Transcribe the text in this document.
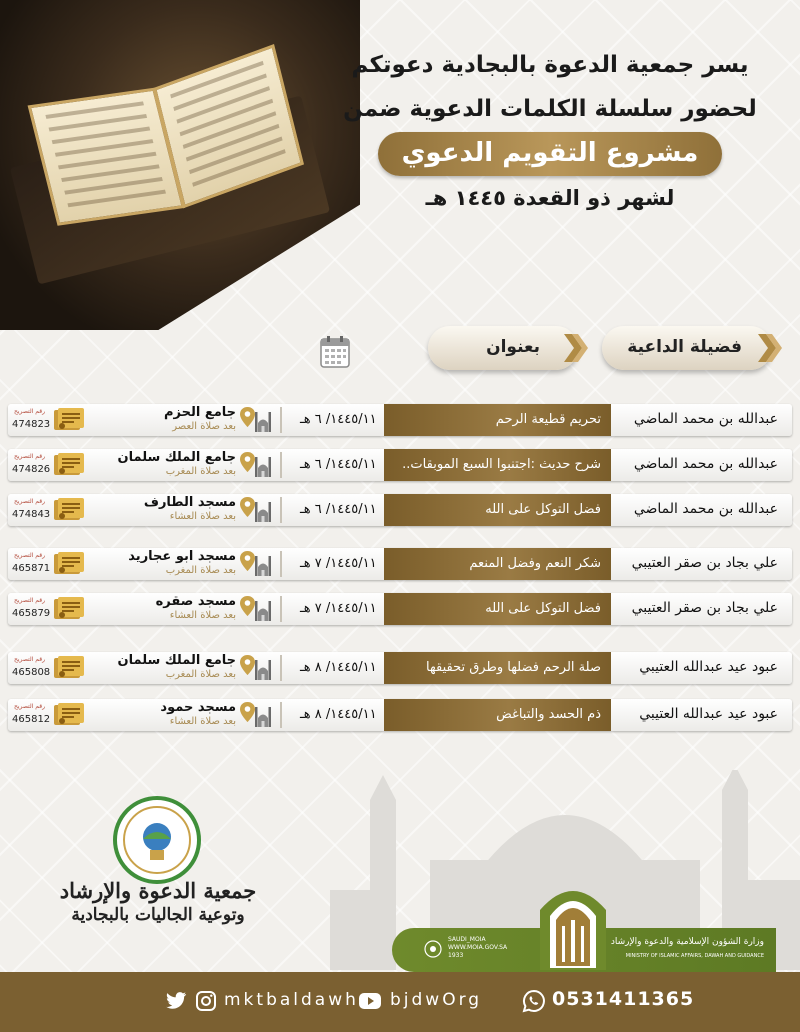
يسر جمعية الدعوة بالبجادية دعوتكم
لحضور سلسلة الكلمات الدعوية ضمن
مشروع التقويم الدعوي
لشهر ذو القعدة ١٤٤٥ هـ
فضيلة الداعية
بعنوان
عبدالله بن محمد الماضي
تحريم قطيعة الرحم
١٤٤٥/١١/ ٦ هـ
جامع الحزم
بعد صلاة العصر
رقم التصريح
474823
عبدالله بن محمد الماضي
شرح حديث :اجتنبوا السبع الموبقات..
١٤٤٥/١١/ ٦ هـ
جامع الملك سلمان
بعد صلاة المغرب
رقم التصريح
474826
عبدالله بن محمد الماضي
فضل التوكل على الله
١٤٤٥/١١/ ٦ هـ
مسجد الطارف
بعد صلاة العشاء
رقم التصريح
474843
علي بجاد بن صقر العتيبي
شكر النعم وفضل المنعم
١٤٤٥/١١/ ٧ هـ
مسجد ابو عجاريد
بعد صلاة المغرب
رقم التصريح
465871
علي بجاد بن صقر العتيبي
فضل التوكل على الله
١٤٤٥/١١/ ٧ هـ
مسجد صقره
بعد صلاة العشاء
رقم التصريح
465879
عبود عيد عبدالله العتيبي
صلة الرحم فضلها وطرق تحقيقها
١٤٤٥/١١/ ٨ هـ
جامع الملك سلمان
بعد صلاة المغرب
رقم التصريح
465808
عبود عيد عبدالله العتيبي
ذم الحسد والتباغض
١٤٤٥/١١/ ٨ هـ
مسجد حمود
بعد صلاة العشاء
رقم التصريح
465812
وزارة الشؤون الإسلامية والدعوة والإرشاد
MINISTRY OF ISLAMIC AFFAIRS, DAWAH AND GUIDANCE
SAUDI_MOIA
WWW.MOIA.GOV.SA
1933
جمعية الدعوة والإرشاد
وتوعية الجاليات بالبجادية
mktbaldawh bjdwOrg	0531411365
